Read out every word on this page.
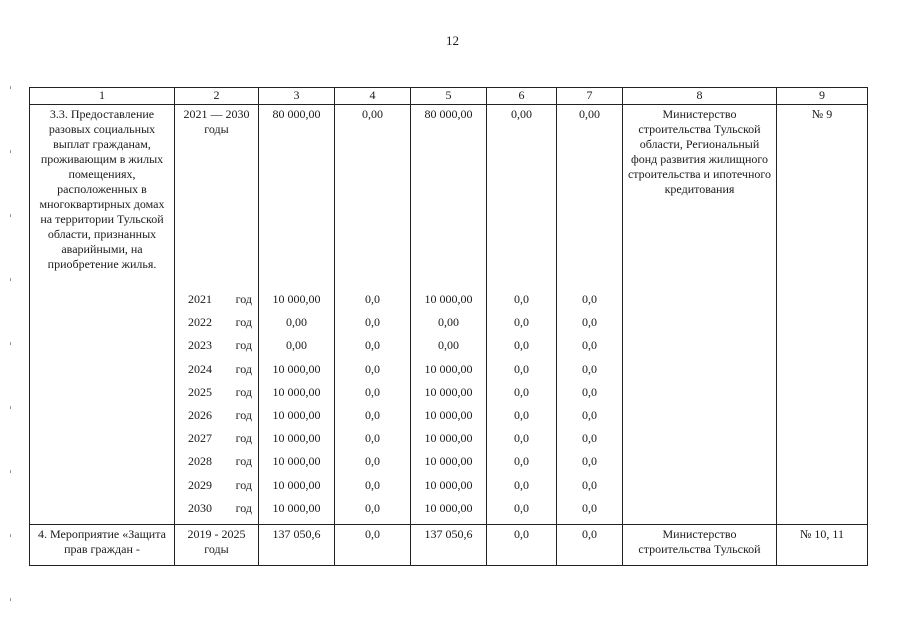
12
1	2	3	4	5	6	7	8	9
3.3. Предоставление разовых социальных выплат гражданам, проживающим в жилых помещениях, расположенных в многоквартирных домах на территории Тульской области, признанных аварийными, на приобретение жилья.	2021 — 2030 годы	80 000,00	0,00	80 000,00	0,00	0,00	Министерство строительства Тульской области, Региональный фонд развития жилищного строительства и ипотечного кредитования	№ 9

	2021 год	10 000,00	0,0	10 000,00	0,0	0,0		

	2022 год	0,00	0,0	0,00	0,0	0,0		

	2023 год	0,00	0,0	0,00	0,0	0,0		

	2024 год	10 000,00	0,0	10 000,00	0,0	0,0		

	2025 год	10 000,00	0,0	10 000,00	0,0	0,0		

	2026 год	10 000,00	0,0	10 000,00	0,0	0,0		

	2027 год	10 000,00	0,0	10 000,00	0,0	0,0		

	2028 год	10 000,00	0,0	10 000,00	0,0	0,0		

	2029 год	10 000,00	0,0	10 000,00	0,0	0,0		

	2030 год	10 000,00	0,0	10 000,00	0,0	0,0		
4. Мероприятие «Защита прав граждан -	2019 - 2025 годы	137 050,6	0,0	137 050,6	0,0	0,0	Министерство строительства Тульской	№ 10, 11
